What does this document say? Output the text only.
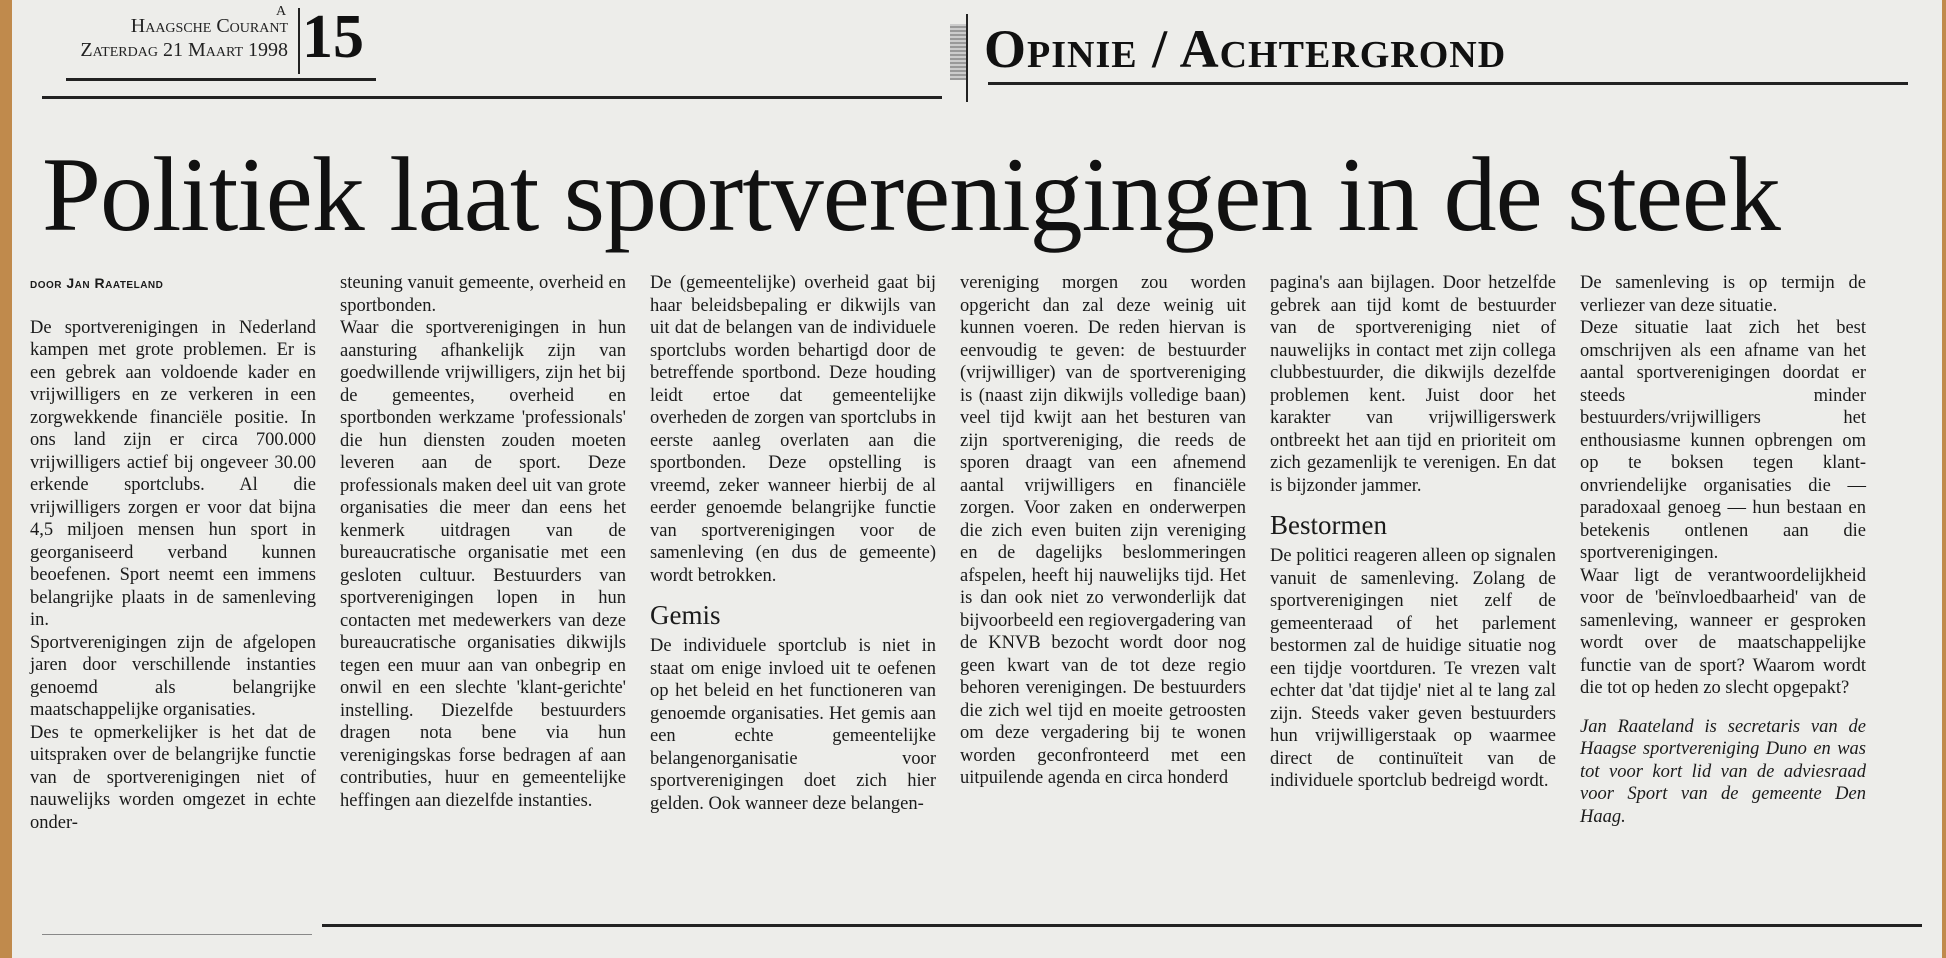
Haagsche Courant
Zaterdag 21 Maart 1998
A 15	Opinie / Achtergrond
Politiek laat sportverenigingen in de steek

door Jan Raateland

De sportverenigingen in Nederland kampen met grote problemen. Er is een gebrek aan voldoende kader en vrijwilligers en ze verkeren in een zorgwekkende financiële positie. In ons land zijn er circa 700.000 vrijwilligers actief bij ongeveer 30.00 erkende sportclubs. Al die vrijwilligers zorgen er voor dat bijna 4,5 miljoen mensen hun sport in georganiseerd verband kunnen beoefenen. Sport neemt een immens belangrijke plaats in de samenleving in.

Sportverenigingen zijn de afgelopen jaren door verschillende instanties genoemd als belangrijke maatschappelijke organisaties.

Des te opmerkelijker is het dat de uitspraken over de belangrijke functie van de sportverenigingen niet of nauwelijks worden omgezet in echte onder-

steuning vanuit gemeente, overheid en sportbonden.

Waar die sportverenigingen in hun aansturing afhankelijk zijn van goedwillende vrijwilligers, zijn het bij de gemeentes, overheid en sportbonden werkzame 'professionals' die hun diensten zouden moeten leveren aan de sport. Deze professionals maken deel uit van grote organisaties die meer dan eens het kenmerk uitdragen van de bureaucratische organisatie met een gesloten cultuur. Bestuurders van sportverenigingen lopen in hun contacten met medewerkers van deze bureaucratische organisaties dikwijls tegen een muur aan van onbegrip en onwil en een slechte 'klant-gerichte' instelling. Diezelfde bestuurders dragen nota bene via hun verenigingskas forse bedragen af aan contributies, huur en gemeentelijke heffingen aan diezelfde instanties.

De (gemeentelijke) overheid gaat bij haar beleidsbepaling er dikwijls van uit dat de belangen van de individuele sportclubs worden behartigd door de betreffende sportbond. Deze houding leidt ertoe dat gemeentelijke overheden de zorgen van sportclubs in eerste aanleg overlaten aan die sportbonden. Deze opstelling is vreemd, zeker wanneer hierbij de al eerder genoemde belangrijke functie van sportverenigingen voor de samenleving (en dus de gemeente) wordt betrokken.

Gemis

De individuele sportclub is niet in staat om enige invloed uit te oefenen op het beleid en het functioneren van genoemde organisaties. Het gemis aan een echte gemeentelijke belangenorganisatie voor sportverenigingen doet zich hier gelden. Ook wanneer deze belangen-

vereniging morgen zou worden opgericht dan zal deze weinig uit kunnen voeren. De reden hiervan is eenvoudig te geven: de bestuurder (vrijwilliger) van de sportvereniging is (naast zijn dikwijls volledige baan) veel tijd kwijt aan het besturen van zijn sportvereniging, die reeds de sporen draagt van een afnemend aantal vrijwilligers en financiële zorgen. Voor zaken en onderwerpen die zich even buiten zijn vereniging en de dagelijks beslommeringen afspelen, heeft hij nauwelijks tijd. Het is dan ook niet zo verwonderlijk dat bijvoorbeeld een regiovergadering van de KNVB bezocht wordt door nog geen kwart van de tot deze regio behoren verenigingen. De bestuurders die zich wel tijd en moeite getroosten om deze vergadering bij te wonen worden geconfronteerd met een uitpuilende agenda en circa honderd

pagina's aan bijlagen. Door hetzelfde gebrek aan tijd komt de bestuurder van de sportvereniging niet of nauwelijks in contact met zijn collega clubbestuurder, die dikwijls dezelfde problemen kent. Juist door het karakter van vrijwilligerswerk ontbreekt het aan tijd en prioriteit om zich gezamenlijk te verenigen. En dat is bijzonder jammer.

Bestormen

De politici reageren alleen op signalen vanuit de samenleving. Zolang de sportverenigingen niet zelf de gemeenteraad of het parlement bestormen zal de huidige situatie nog een tijdje voortduren. Te vrezen valt echter dat 'dat tijdje' niet al te lang zal zijn. Steeds vaker geven bestuurders hun vrijwilligerstaak op waarmee direct de continuïteit van de individuele sportclub bedreigd wordt.

De samenleving is op termijn de verliezer van deze situatie.

Deze situatie laat zich het best omschrijven als een afname van het aantal sportverenigingen doordat er steeds minder bestuurders/vrijwilligers het enthousiasme kunnen opbrengen om op te boksen tegen klant-onvriendelijke organisaties die — paradoxaal genoeg — hun bestaan en betekenis ontlenen aan die sportverenigingen.

Waar ligt de verantwoordelijkheid voor de 'beïnvloedbaarheid' van de samenleving, wanneer er gesproken wordt over de maatschappelijke functie van de sport? Waarom wordt die tot op heden zo slecht opgepakt?

Jan Raateland is secretaris van de Haagse sportvereniging Duno en was tot voor kort lid van de adviesraad voor Sport van de gemeente Den Haag.
